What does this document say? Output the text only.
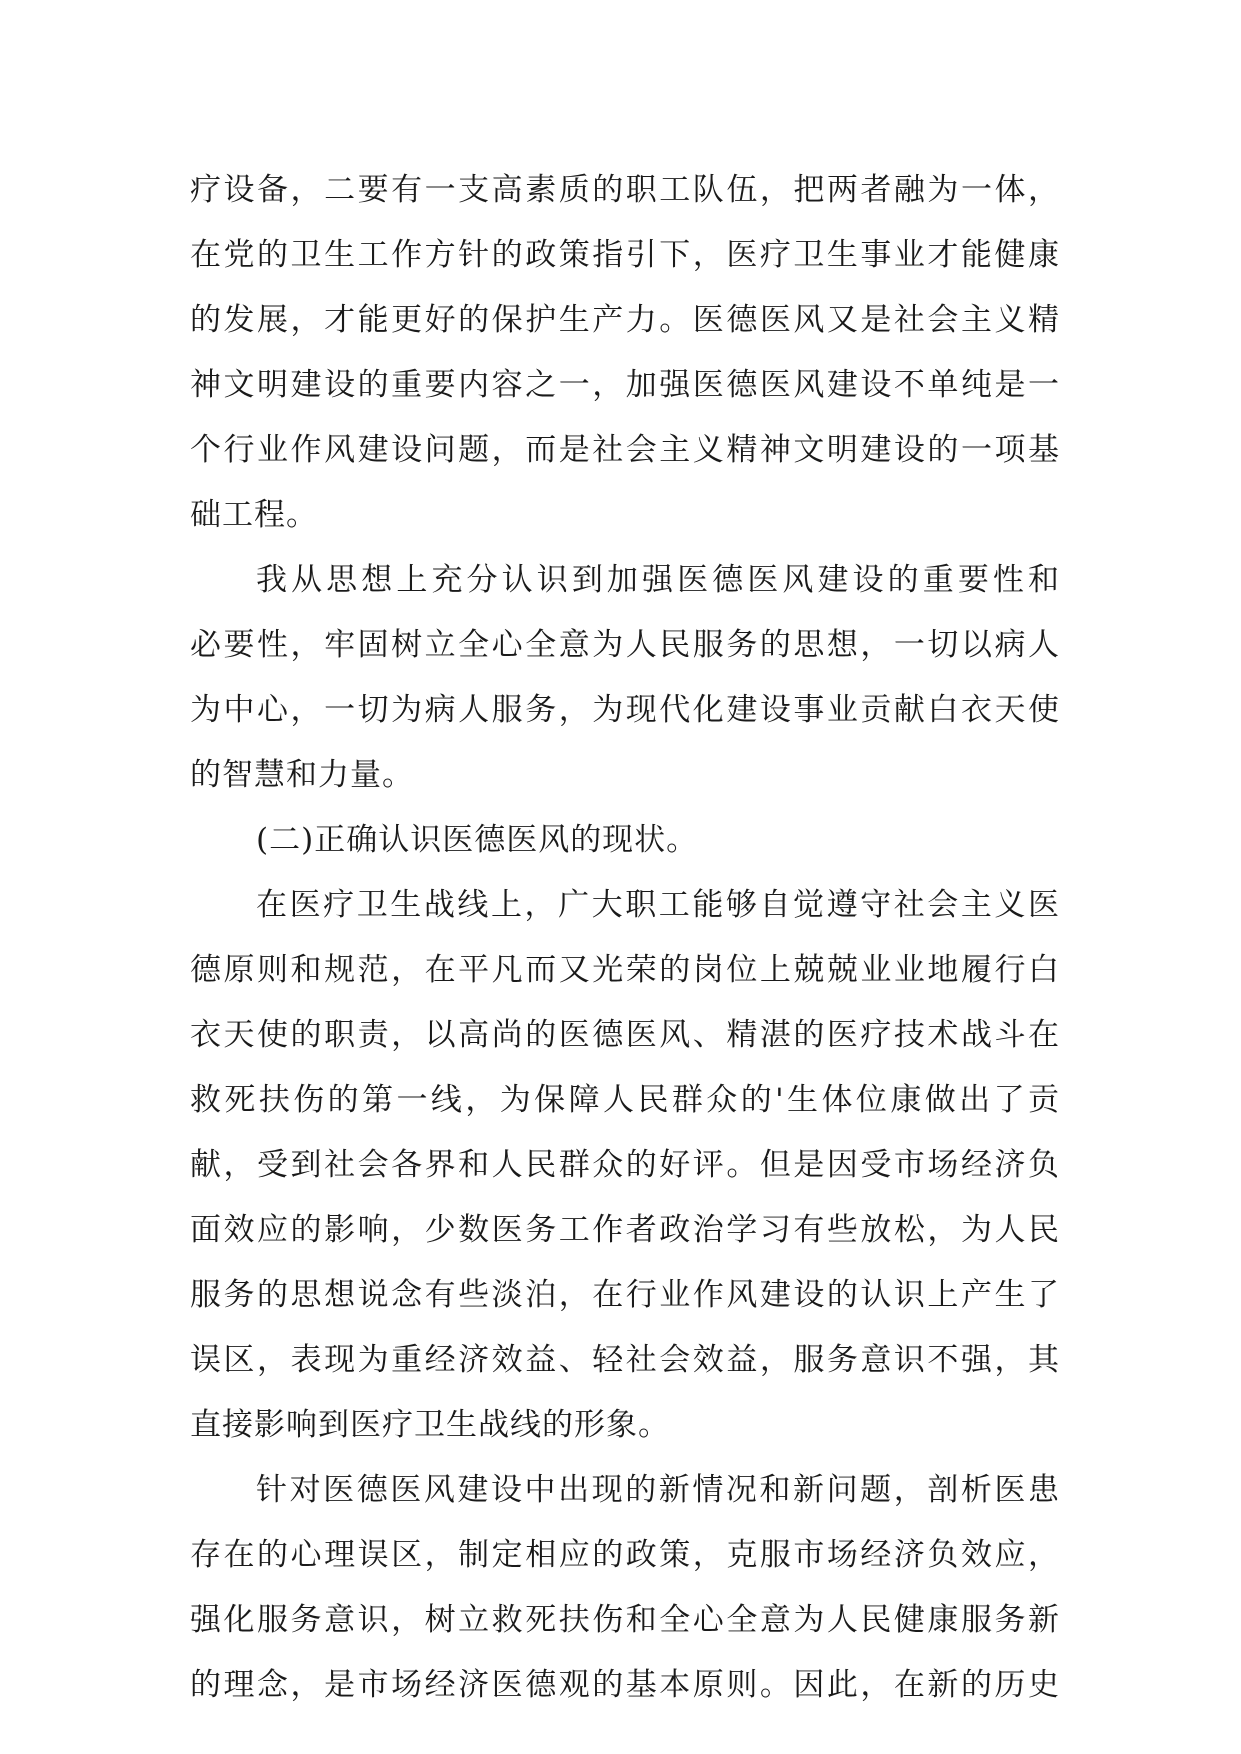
疗设备，二要有一支高素质的职工队伍，把两者融为一体，
在党的卫生工作方针的政策指引下，医疗卫生事业才能健康
的发展，才能更好的保护生产力。医德医风又是社会主义精
神文明建设的重要内容之一，加强医德医风建设不单纯是一
个行业作风建设问题，而是社会主义精神文明建设的一项基
础工程。
我从思想上充分认识到加强医德医风建设的重要性和
必要性，牢固树立全心全意为人民服务的思想，一切以病人
为中心，一切为病人服务，为现代化建设事业贡献白衣天使
的智慧和力量。
(二)正确认识医德医风的现状。
在医疗卫生战线上，广大职工能够自觉遵守社会主义医
德原则和规范，在平凡而又光荣的岗位上兢兢业业地履行白
衣天使的职责，以高尚的医德医风、精湛的医疗技术战斗在
救死扶伤的第一线，为保障人民群众的'生体位康做出了贡
献，受到社会各界和人民群众的好评。但是因受市场经济负
面效应的影响，少数医务工作者政治学习有些放松，为人民
服务的思想说念有些淡泊，在行业作风建设的认识上产生了
误区，表现为重经济效益、轻社会效益，服务意识不强，其
直接影响到医疗卫生战线的形象。
针对医德医风建设中出现的新情况和新问题，剖析医患
存在的心理误区，制定相应的政策，克服市场经济负效应，
强化服务意识，树立救死扶伤和全心全意为人民健康服务新
的理念，是市场经济医德观的基本原则。因此，在新的历史
